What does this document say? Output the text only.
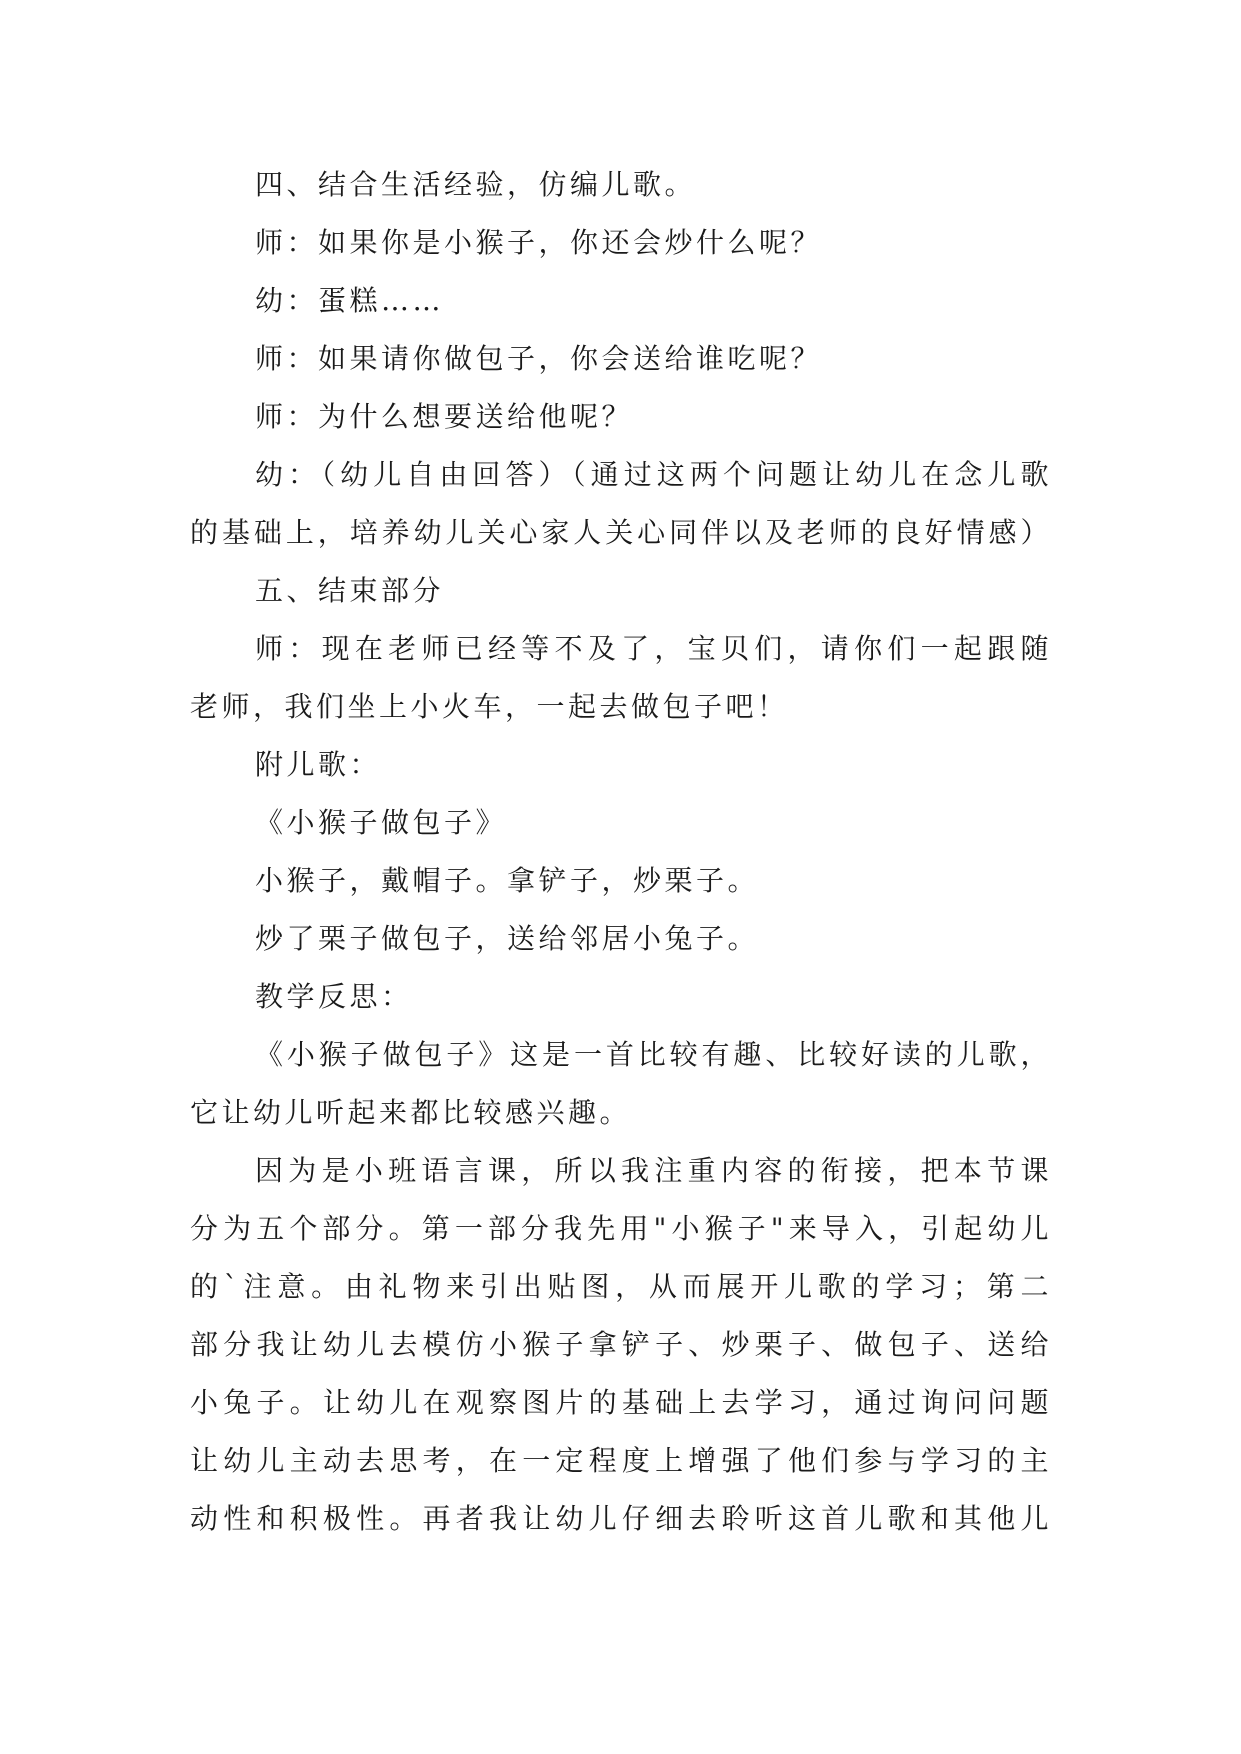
四、结合生活经验，仿编儿歌。
师：如果你是小猴子，你还会炒什么呢？
幼：蛋糕……
师：如果请你做包子，你会送给谁吃呢？
师：为什么想要送给他呢？
幼：（幼儿自由回答）（通过这两个问题让幼儿在念儿歌
的基础上，培养幼儿关心家人关心同伴以及老师的良好情感）
五、结束部分
师：现在老师已经等不及了，宝贝们，请你们一起跟随
老师，我们坐上小火车，一起去做包子吧！
附儿歌：
《小猴子做包子》
小猴子，戴帽子。拿铲子，炒栗子。
炒了栗子做包子，送给邻居小兔子。
教学反思：
《小猴子做包子》这是一首比较有趣、比较好读的儿歌，
它让幼儿听起来都比较感兴趣。
因为是小班语言课，所以我注重内容的衔接，把本节课
分为五个部分。第一部分我先用"小猴子"来导入，引起幼儿
的`注意。由礼物来引出贴图，从而展开儿歌的学习；第二
部分我让幼儿去模仿小猴子拿铲子、炒栗子、做包子、送给
小兔子。让幼儿在观察图片的基础上去学习，通过询问问题
让幼儿主动去思考，在一定程度上增强了他们参与学习的主
动性和积极性。再者我让幼儿仔细去聆听这首儿歌和其他儿
